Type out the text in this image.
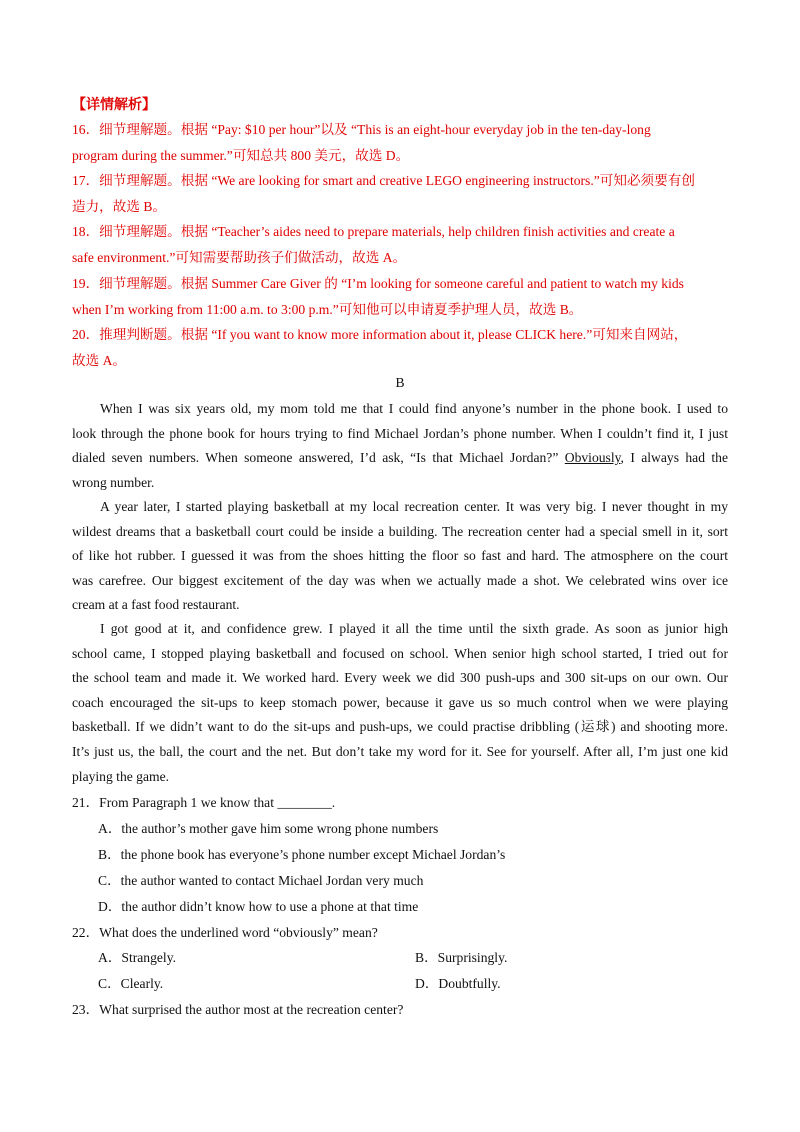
【详情解析】
16．细节理解题。根据 “Pay: $10 per hour”以及 “This is an eight-hour everyday job in the ten-day-long
program during the summer.”可知总共 800 美元，故选 D。
17．细节理解题。根据 “We are looking for smart and creative LEGO engineering instructors.”可知必须要有创
造力，故选 B。
18．细节理解题。根据 “Teacher’s aides need to prepare materials, help children finish activities and create a
safe environment.”可知需要帮助孩子们做活动，故选 A。
19．细节理解题。根据 Summer Care Giver 的 “I’m looking for someone careful and patient to watch my kids
when I’m working from 11:00 a.m. to 3:00 p.m.”可知他可以申请夏季护理人员，故选 B。
20．推理判断题。根据 “If you want to know more information about it, please CLICK here.”可知来自网站，
故选 A。
B
When I was six years old, my mom told me that I could find anyone’s number in the phone book. I used to
look through the phone book for hours trying to find Michael Jordan’s phone number. When I couldn’t find it, I just
dialed seven numbers. When someone answered, I’d ask, “Is that Michael Jordan?” Obviously, I always had the
wrong number.
A year later, I started playing basketball at my local recreation center. It was very big. I never thought in my
wildest dreams that a basketball court could be inside a building. The recreation center had a special smell in it, sort
of like hot rubber. I guessed it was from the shoes hitting the floor so fast and hard. The atmosphere on the court
was carefree. Our biggest excitement of the day was when we actually made a shot. We celebrated wins over ice
cream at a fast food restaurant.
I got good at it, and confidence grew. I played it all the time until the sixth grade. As soon as junior high
school came, I stopped playing basketball and focused on school. When senior high school started, I tried out for
the school team and made it. We worked hard. Every week we did 300 push-ups and 300 sit-ups on our own. Our
coach encouraged the sit-ups to keep stomach power, because it gave us so much control when we were playing
basketball. If we didn’t want to do the sit-ups and push-ups, we could practise dribbling (运球) and shooting more.
It’s just us, the ball, the court and the net. But don’t take my word for it. See for yourself. After all, I’m just one kid
playing the game.
21．From Paragraph 1 we know that ________.
A．the author’s mother gave him some wrong phone numbers
B．the phone book has everyone’s phone number except Michael Jordan’s
C．the author wanted to contact Michael Jordan very much
D．the author didn’t know how to use a phone at that time
22．What does the underlined word “obviously” mean?
A．Strangely.	B．Surprisingly.
C．Clearly.	D．Doubtfully.
23．What surprised the author most at the recreation center?
